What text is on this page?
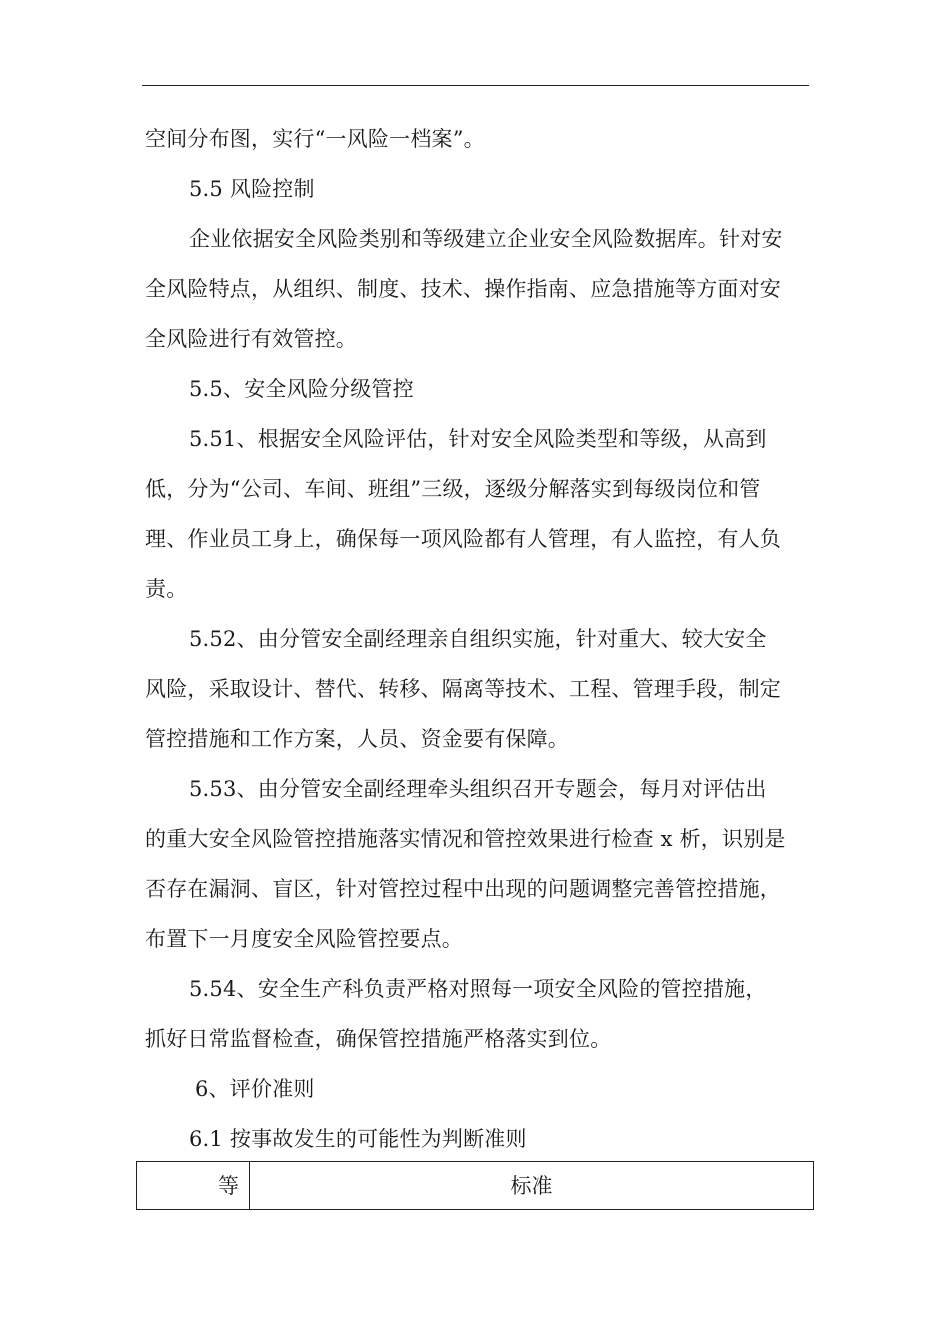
空间分布图，实行“一风险一档案”。
5.5 风险控制
企业依据安全风险类别和等级建立企业安全风险数据库。针对安
全风险特点，从组织、制度、技术、操作指南、应急措施等方面对安
全风险进行有效管控。
5.5、安全风险分级管控
5.51、根据安全风险评估，针对安全风险类型和等级，从高到
低，分为“公司、车间、班组”三级，逐级分解落实到每级岗位和管
理、作业员工身上，确保每一项风险都有人管理，有人监控，有人负
责。
5.52、由分管安全副经理亲自组织实施，针对重大、较大安全
风险，采取设计、替代、转移、隔离等技术、工程、管理手段，制定
管控措施和工作方案，人员、资金要有保障。
5.53、由分管安全副经理牵头组织召开专题会，每月对评估出
的重大安全风险管控措施落实情况和管控效果进行检查 x 析，识别是
否存在漏洞、盲区，针对管控过程中出现的问题调整完善管控措施，
布置下一月度安全风险管控要点。
5.54、安全生产科负责严格对照每一项安全风险的管控措施，
抓好日常监督检查，确保管控措施严格落实到位。
6、评价准则
6.1 按事故发生的可能性为判断准则
等	标准
